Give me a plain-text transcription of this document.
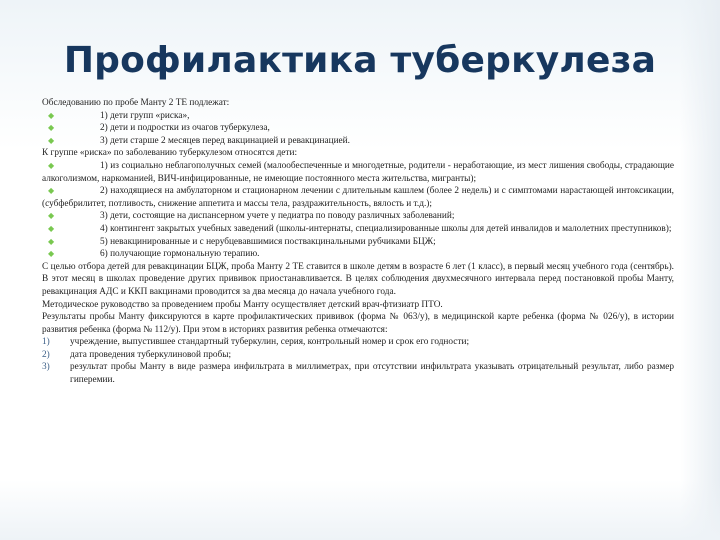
Профилактика туберкулеза

Обследованию по пробе Манту 2 ТЕ подлежат:

◆	1) дети групп «риска»,
◆	2) дети и подростки из очагов туберкулеза,
◆	3) дети старше 2 месяцев перед вакцинацией и ревакцинацией.

К группе «риска» по заболеванию туберкулезом относятся дети:

◆	1) из социально неблагополучных семей (малообеспеченные и многодетные, родители - неработающие, из мест лишения свободы, страдающие алкоголизмом, наркоманией, ВИЧ-инфицированные, не имеющие постоянного места жительства, мигранты);
◆	2) находящиеся на амбулаторном и стационарном лечении с длительным кашлем (более 2 недель) и с симптомами нарастающей интоксикации, (субфебрилитет, потливость, снижение аппетита и массы тела, раздражительность, вялость и т.д.);
◆	3) дети, состоящие на диспансерном учете у педиатра по поводу различных заболеваний;
◆	4) контингент закрытых учебных заведений (школы-интернаты, специализированные школы для детей инвалидов и малолетних преступников);
◆	5) невакцинированные и с нерубцевавшимися поствакцинальными рубчиками БЦЖ;
◆	6) получающие гормональную терапию.

С целью отбора детей для ревакцинации БЦЖ, проба Манту 2 ТЕ ставится в школе детям в возрасте 6 лет (1 класс), в первый месяц учебного года (сентябрь). В этот месяц в школах проведение других прививок приостанавливается. В целях соблюдения двухмесячного интервала перед постановкой пробы Манту, ревакцинация АДС и ККП вакцинами проводится за два месяца до начала учебного года.

Методическое руководство за проведением пробы Манту осуществляет детский врач-фтизиатр ПТО.

Результаты пробы Манту фиксируются в карте профилактических прививок (форма № 063/у), в медицинской карте ребенка (форма № 026/у), в истории развития ребенка (форма № 112/у). При этом в историях развития ребенка отмечаются:

1) учреждение, выпустившее стандартный туберкулин, серия, контрольный номер и срок его годности;
2) дата проведения туберкулиновой пробы;
3) результат пробы Манту в виде размера инфильтрата в миллиметрах, при отсутствии инфильтрата указывать отрицательный результат, либо размер гиперемии.
